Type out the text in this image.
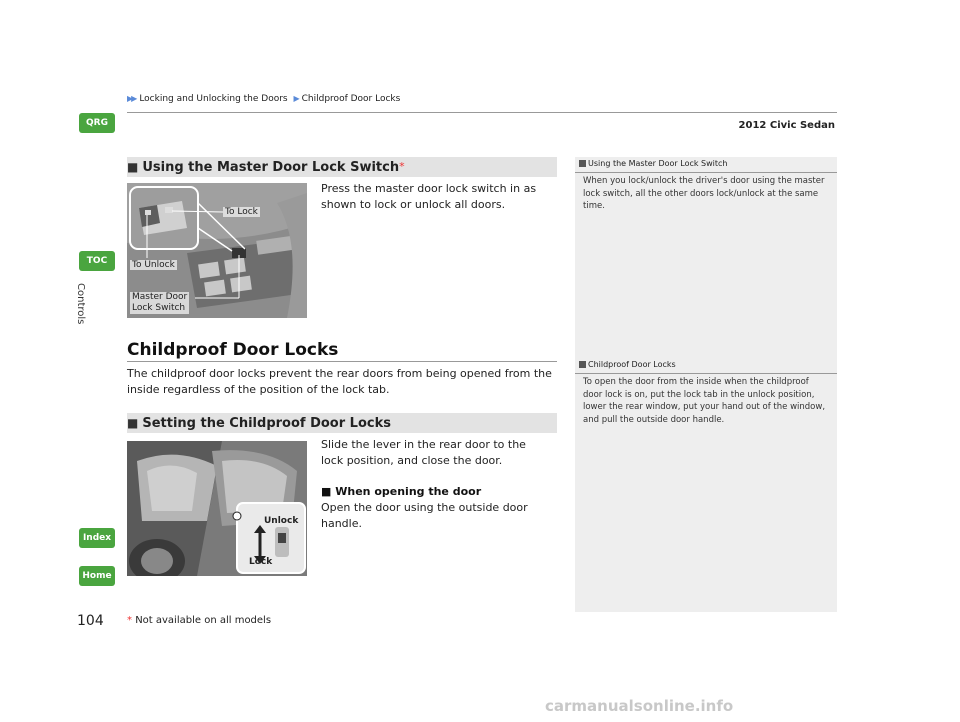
▶▶ Locking and Unlocking the Doors ▶ Childproof Door Locks
2012 Civic Sedan
QRG
TOC
Index
Home
Controls
■ Using the Master Door Lock Switch*
To Lock
To Unlock
Master Door
Lock Switch
Press the master door lock switch in as shown to lock or unlock all doors.
Childproof Door Locks
The childproof door locks prevent the rear doors from being opened from the inside regardless of the position of the lock tab.
■ Setting the Childproof Door Locks
Unlock
Lock
Slide the lever in the rear door to the lock position, and close the door.
■ When opening the door
Open the door using the outside door handle.
Using the Master Door Lock Switch
When you lock/unlock the driver's door using the master lock switch, all the other doors lock/unlock at the same time.
Childproof Door Locks
To open the door from the inside when the childproof door lock is on, put the lock tab in the unlock position, lower the rear window, put your hand out of the window, and pull the outside door handle.
104 * Not available on all models
carmanualsonline.info
